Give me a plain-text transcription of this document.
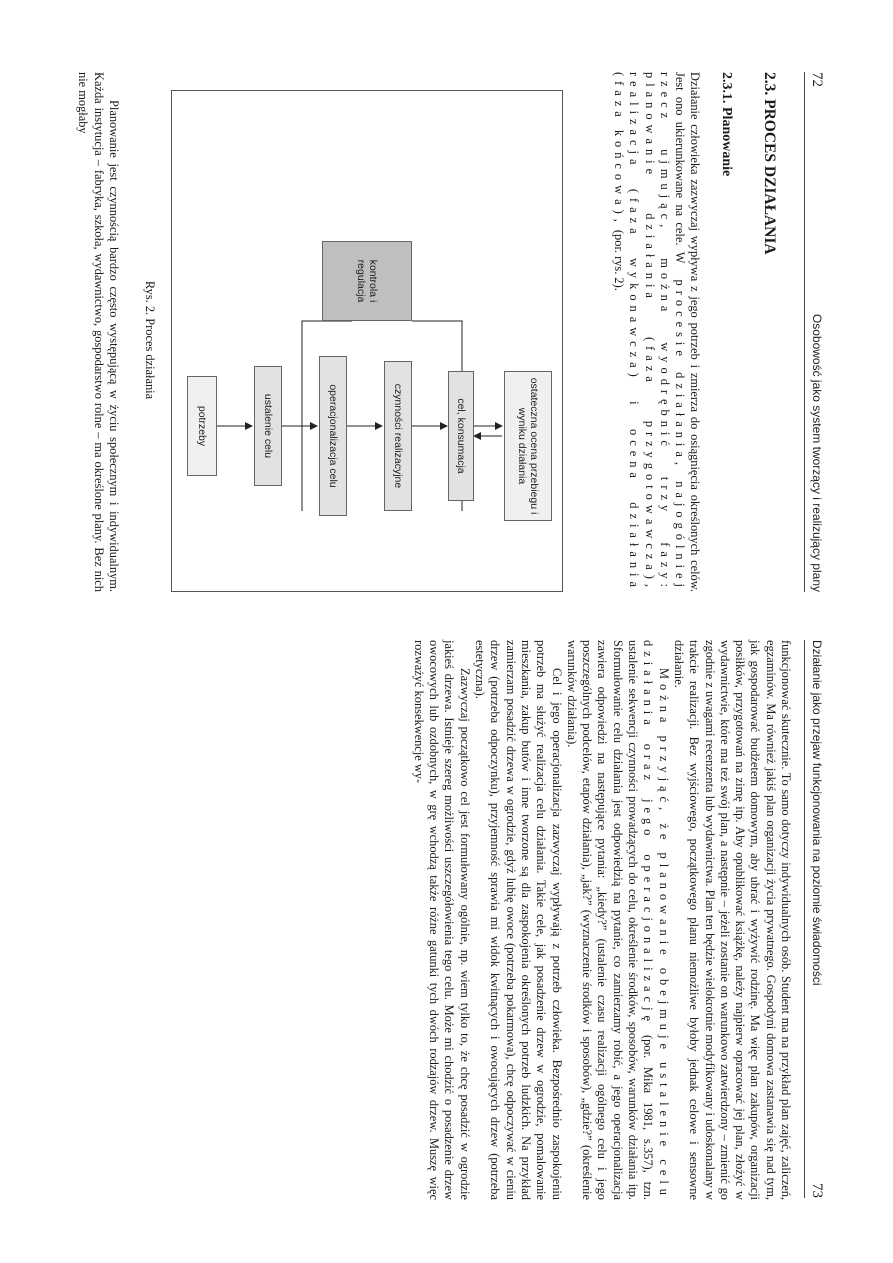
72
Osobowość jako system tworzący i realizujący plany
2.3. PROCES DZIAŁANIA
2.3.1. Planowanie

Działanie człowieka zazwyczaj wypływa z jego potrzeb i zmierza do osiągnięcia określonych celów. Jest ono ukierunkowane na cele. W procesie działania, najogólniej rzecz ujmując, można wyodrębnić trzy fazy: planowanie działania (faza przygotowawcza), realizacja (faza wykonawcza) i ocena działania (faza końcowa), (por. rys. 2).

ostateczna ocena przebiegu i wyniku działania
cel, konsumacja
czynności realizacyjne
operacjonalizacja celu
ustalenie celu
potrzeby
kontrola i regulacja
Rys. 2. Proces działania

Planowanie jest czynnością bardzo często występującą w życiu społecznym i indywidualnym. Każda instytucja – fabryka, szkoła, wydawnictwo, gospodarstwo rolne – ma określone plany. Bez nich nie mogłaby

Działanie jako przejaw funkcjonowania na poziomie świadomości
73

funkcjonować skutecznie. To samo dotyczy indywidualnych osób. Student ma na przykład plan zajęć, zaliczeń, egzaminów. Ma również jakiś plan organizacji życia prywatnego. Gospodyni domowa zastanawia się nad tym, jak gospodarować budżetem domowym, aby ubrać i wyżywić rodzinę. Ma więc plan zakupów, organizacji posiłków, przygotowań na zimę itp. Aby opublikować książkę, należy najpierw opracować jej plan, złożyć w wydawnictwie, które ma też swój plan, a następnie – jeżeli zostanie on warunkowo zatwierdzony – zmienić go zgodnie z uwagami recenzenta lub wydawnictwa. Plan ten będzie wielokrotnie modyfikowany i udoskonalany w trakcie realizacji. Bez wyjściowego, początkowego planu niemożliwe byłoby jednak celowe i sensowne działanie.

Można przyjąć, że planowanie obejmuje ustalenie celu działania oraz jego operacjonalizację (por. Mika 1981, s.357), tzn. ustalenie sekwencji czynności prowadzących do celu, określenie środków, sposobów, warunków działania itp. Sformułowanie celu działania jest odpowiedzią na pytanie, co zamierzamy robić, a jego operacjonalizacja zawiera odpowiedzi na następujące pytania: „kiedy?” (ustalenie czasu realizacji ogólnego celu i jego poszczególnych podcelów, etapów działania), „jak?” (wyznaczenie środków i sposobów), „gdzie?” (określenie warunków działania).

Cel i jego operacjonalizacja zazwyczaj wypływają z potrzeb człowieka. Bezpośrednio zaspokojeniu potrzeb ma służyć realizacja celu działania. Takie cele, jak posadzenie drzew w ogrodzie, pomalowanie mieszkania, zakup butów i inne tworzone są dla zaspokojenia określonych potrzeb ludzkich. Na przykład zamierzam posadzić drzewa w ogrodzie, gdyż lubię owoce (potrzeba pokarmowa), chcę odpoczywać w cieniu drzew (potrzeba odpoczynku), przyjemność sprawia mi widok kwitnących i owocujących drzew (potrzeba estetyczna).

Zazwyczaj początkowo cel jest formułowany ogólnie, np. wiem tylko to, że chcę posadzić w ogrodzie jakieś drzewa. Istnieje szereg możliwości uszczegółowienia tego celu. Może mi chodzić o posadzenie drzew owocowych lub ozdobnych, w grę wchodzą także różne gatunki tych dwóch rodzajów drzew. Muszę więc rozważyć konsekwencje wy-
